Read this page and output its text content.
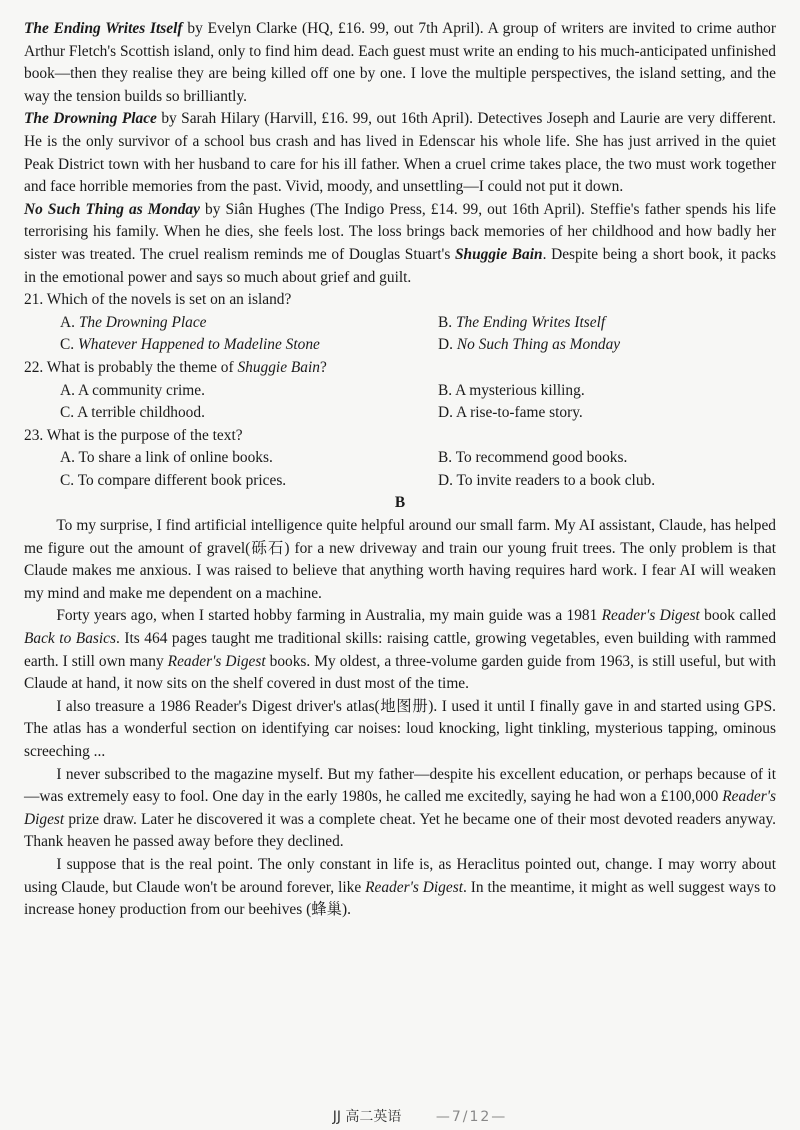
The Ending Writes Itself by Evelyn Clarke (HQ, £16. 99, out 7th April). A group of writers are invited to crime author Arthur Fletch's Scottish island, only to find him dead. Each guest must write an ending to his much-anticipated unfinished book—then they realise they are being killed off one by one. I love the multiple perspectives, the island setting, and the way the tension builds so brilliantly.

The Drowning Place by Sarah Hilary (Harvill, £16. 99, out 16th April). Detectives Joseph and Laurie are very different. He is the only survivor of a school bus crash and has lived in Edenscar his whole life. She has just arrived in the quiet Peak District town with her husband to care for his ill father. When a cruel crime takes place, the two must work together and face horrible memories from the past. Vivid, moody, and unsettling—I could not put it down.

No Such Thing as Monday by Siân Hughes (The Indigo Press, £14. 99, out 16th April). Steffie's father spends his life terrorising his family. When he dies, she feels lost. The loss brings back memories of her childhood and how badly her sister was treated. The cruel realism reminds me of Douglas Stuart's Shuggie Bain. Despite being a short book, it packs in the emotional power and says so much about grief and guilt.

21. Which of the novels is set on an island?

A. The Drowning Place	B. The Ending Writes Itself
C. Whatever Happened to Madeline Stone	D. No Such Thing as Monday

22. What is probably the theme of Shuggie Bain?

A. A community crime.	B. A mysterious killing.
C. A terrible childhood.	D. A rise-to-fame story.

23. What is the purpose of the text?

A. To share a link of online books.	B. To recommend good books.
C. To compare different book prices.	D. To invite readers to a book club.

B

To my surprise, I find artificial intelligence quite helpful around our small farm. My AI assistant, Claude, has helped me figure out the amount of gravel(砾石) for a new driveway and train our young fruit trees. The only problem is that Claude makes me anxious. I was raised to believe that anything worth having requires hard work. I fear AI will weaken my mind and make me dependent on a machine.

Forty years ago, when I started hobby farming in Australia, my main guide was a 1981 Reader's Digest book called Back to Basics. Its 464 pages taught me traditional skills: raising cattle, growing vegetables, even building with rammed earth. I still own many Reader's Digest books. My oldest, a three-volume garden guide from 1963, is still useful, but with Claude at hand, it now sits on the shelf covered in dust most of the time.

I also treasure a 1986 Reader's Digest driver's atlas(地图册). I used it until I finally gave in and started using GPS. The atlas has a wonderful section on identifying car noises: loud knocking, light tinkling, mysterious tapping, ominous screeching ...

I never subscribed to the magazine myself. But my father—despite his excellent education, or perhaps because of it—was extremely easy to fool. One day in the early 1980s, he called me excitedly, saying he had won a £100,000 Reader's Digest prize draw. Later he discovered it was a complete cheat. Yet he became one of their most devoted readers anyway. Thank heaven he passed away before they declined.

I suppose that is the real point. The only constant in life is, as Heraclitus pointed out, change. I may worry about using Claude, but Claude won't be around forever, like Reader's Digest. In the meantime, it might as well suggest ways to increase honey production from our beehives (蜂巢).

JJ 高二英语 —7/12—
